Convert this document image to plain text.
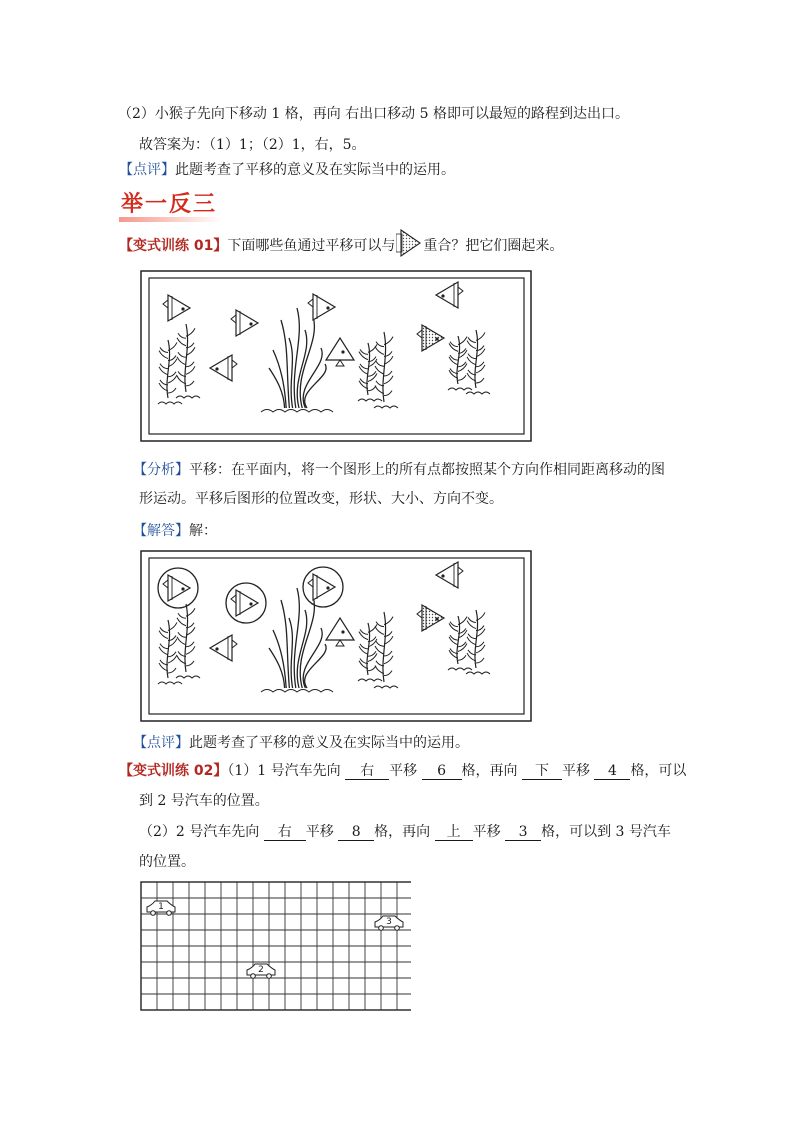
（2）小猴子先向下移动 1 格，再向 右出口移动 5 格即可以最短的路程到达出口。
故答案为：（1）1；（2）1，右，5。
【点评】此题考查了平移的意义及在实际当中的运用。
举一反三
【变式训练 01】下面哪些鱼通过平移可以与 重合？把它们圈起来。
【分析】平移：在平面内，将一个图形上的所有点都按照某个方向作相同距离移动的图
形运动。平移后图形的位置改变，形状、大小、方向不变。
【解答】解：
【点评】此题考查了平移的意义及在实际当中的运用。
【变式训练 02】（1）1 号汽车先向 右 平移 6 格，再向 下 平移 4 格，可以
到 2 号汽车的位置。
（2）2 号汽车先向 右 平移 8 格，再向 上 平移 3 格，可以到 3 号汽车
的位置。
1
2
3
